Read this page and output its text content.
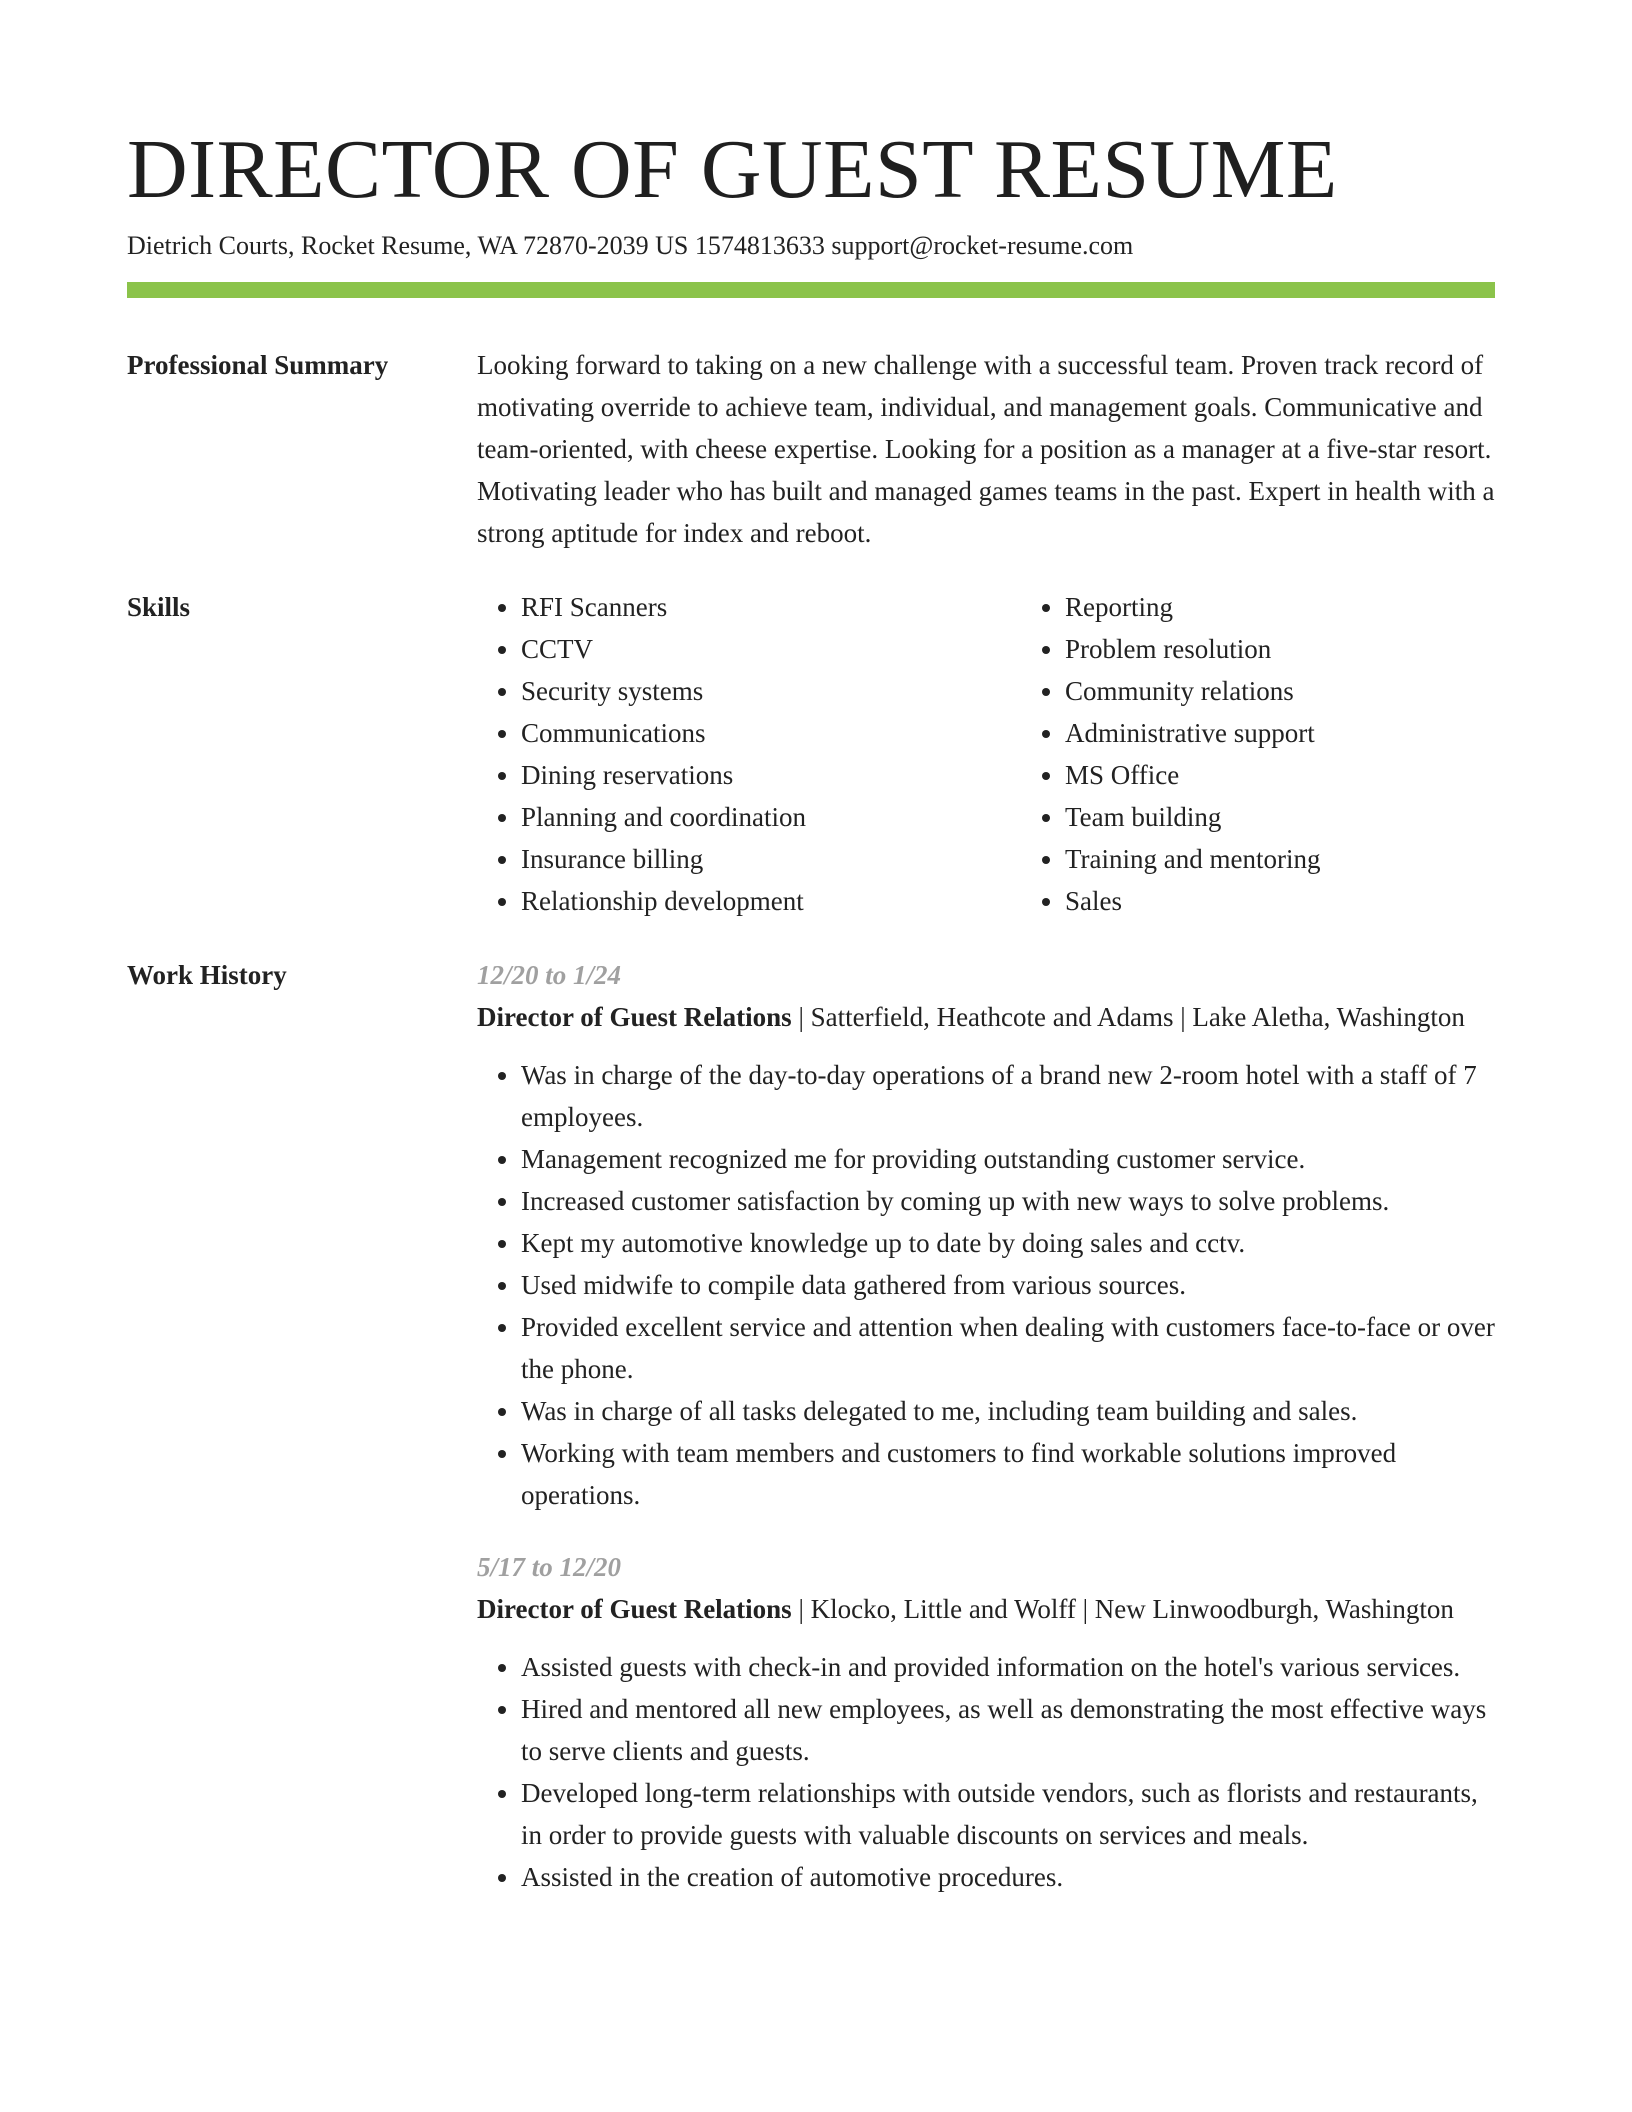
DIRECTOR OF GUEST RESUME
Dietrich Courts, Rocket Resume, WA 72870-2039 US 1574813633 support@rocket-resume.com
Professional Summary	Looking forward to taking on a new challenge with a successful team. Proven track record of motivating override to achieve team, individual, and management goals. Communicative and team-oriented, with cheese expertise. Looking for a position as a manager at a five-star resort. Motivating leader who has built and managed games teams in the past. Expert in health with a strong aptitude for index and reboot.

Skills
•	RFI Scanners
• CCTV
• Security systems
• Communications
• Dining reservations
• Planning and coordination
• Insurance billing
• Relationship development
• Reporting
• Problem resolution
• Community relations
• Administrative support
• MS Office
• Team building
• Training and mentoring
• Sales
Work History	12/20 to 1/24
Director of Guest Relations | Satterfield, Heathcote and Adams | Lake Aletha, Washington
• Was in charge of the day-to-day operations of a brand new 2-room hotel with a staff of 7 employees.
• Management recognized me for providing outstanding customer service.
• Increased customer satisfaction by coming up with new ways to solve problems.
• Kept my automotive knowledge up to date by doing sales and cctv.
• Used midwife to compile data gathered from various sources.
• Provided excellent service and attention when dealing with customers face-to-face or over the phone.
• Was in charge of all tasks delegated to me, including team building and sales.
• Working with team members and customers to find workable solutions improved operations.
5/17 to 12/20
Director of Guest Relations | Klocko, Little and Wolff | New Linwoodburgh, Washington
• Assisted guests with check-in and provided information on the hotel's various services.
• Hired and mentored all new employees, as well as demonstrating the most effective ways to serve clients and guests.
• Developed long-term relationships with outside vendors, such as florists and restaurants, in order to provide guests with valuable discounts on services and meals.
• Assisted in the creation of automotive procedures.
